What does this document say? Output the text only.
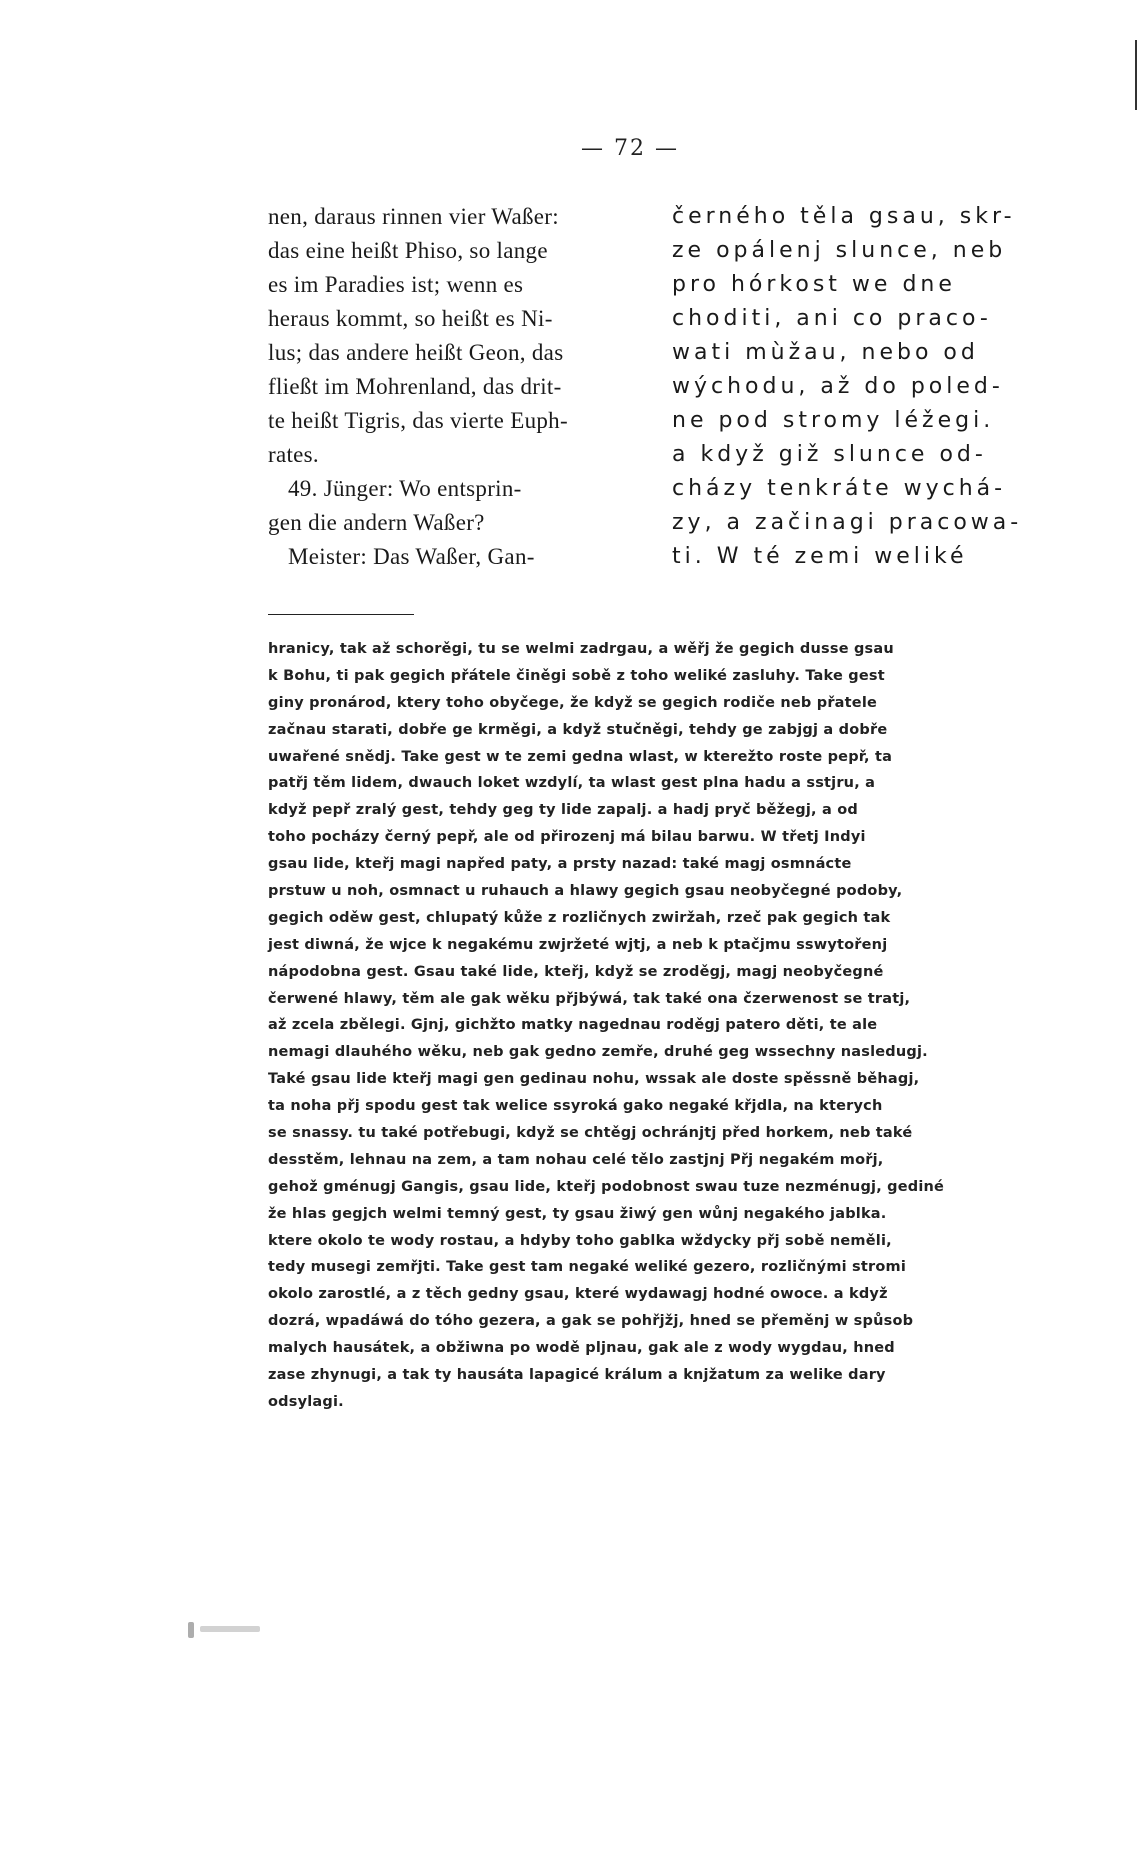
— 72 —
nen, daraus rinnen vier Waßer:
das eine heißt Phiso, so lange
es im Paradies ist; wenn es
heraus kommt, so heißt es Ni-
lus; das andere heißt Geon, das
fließt im Mohrenland, das drit-
te heißt Tigris, das vierte Euph-
rates.
49. Jünger: Wo entsprin-
gen die andern Waßer?
Meister: Das Waßer, Gan-
černého těla gsau, skr-
ze opálenj slunce, neb
pro hórkost we dne
choditi, ani co praco-
wati mùžau, nebo od
wýchodu, až do poled-
ne pod stromy léžegi.
a když giž slunce od-
cházy tenkráte wychá-
zy, a začinagi pracowa-
ti. W té zemi weliké
hranicy, tak až schorěgi, tu se welmi zadrgau, a wěřj že gegich dusse gsau
k Bohu, ti pak gegich přátele činěgi sobě z toho weliké zasluhy. Take gest
giny pronárod, ktery toho obyčege, že když se gegich rodiče neb přatele
začnau starati, dobře ge krměgi, a když stučněgi, tehdy ge zabjgj a dobře
uwařené snědj. Take gest w te zemi gedna wlast, w kterežto roste pepř, ta
patřj těm lidem, dwauch loket wzdylí, ta wlast gest plna hadu a sstjru, a
když pepř zralý gest, tehdy geg ty lide zapalj. a hadj pryč běžegj, a od
toho pocházy černý pepř, ale od přirozenj má bilau barwu. W třetj Indyi
gsau lide, kteřj magi napřed paty, a prsty nazad: také magj osmnácte
prstuw u noh, osmnact u ruhauch a hlawy gegich gsau neobyčegné podoby,
gegich oděw gest, chlupatý kůže z rozličnych zwiržah, rzeč pak gegich tak
jest diwná, že wjce k negakému zwjržeté wjtj, a neb k ptačjmu sswytořenj
nápodobna gest. Gsau také lide, kteřj, když se zroděgj, magj neobyčegné
čerwené hlawy, těm ale gak wěku přjbýwá, tak také ona čzerwenost se tratj,
až zcela zbělegi. Gjnj, gichžto matky nagednau roděgj patero děti, te ale
nemagi dlauhého wěku, neb gak gedno zemře, druhé geg wssechny nasledugj.
Také gsau lide kteřj magi gen gedinau nohu, wssak ale doste spěssně běhagj,
ta noha přj spodu gest tak welice ssyroká gako negaké křjdla, na kterych
se snassy. tu také potřebugi, když se chtěgj ochránjtj před horkem, neb také
desstěm, lehnau na zem, a tam nohau celé tělo zastjnj Přj negakém mořj,
gehož gménugj Gangis, gsau lide, kteřj podobnost swau tuze nezménugj, gediné
že hlas gegjch welmi temný gest, ty gsau žiwý gen wůnj negakého jablka.
ktere okolo te wody rostau, a hdyby toho gablka wždycky přj sobě neměli,
tedy musegi zemřjti. Take gest tam negaké weliké gezero, rozličnými stromi
okolo zarostlé, a z těch gedny gsau, které wydawagj hodné owoce. a když
dozrá, wpadáwá do tóho gezera, a gak se pohřjžj, hned se přeměnj w spůsob
malych hausátek, a obžiwna po wodě pljnau, gak ale z wody wygdau, hned
zase zhynugi, a tak ty hausáta lapagicé králum a knjžatum za welike dary
odsylagi.
